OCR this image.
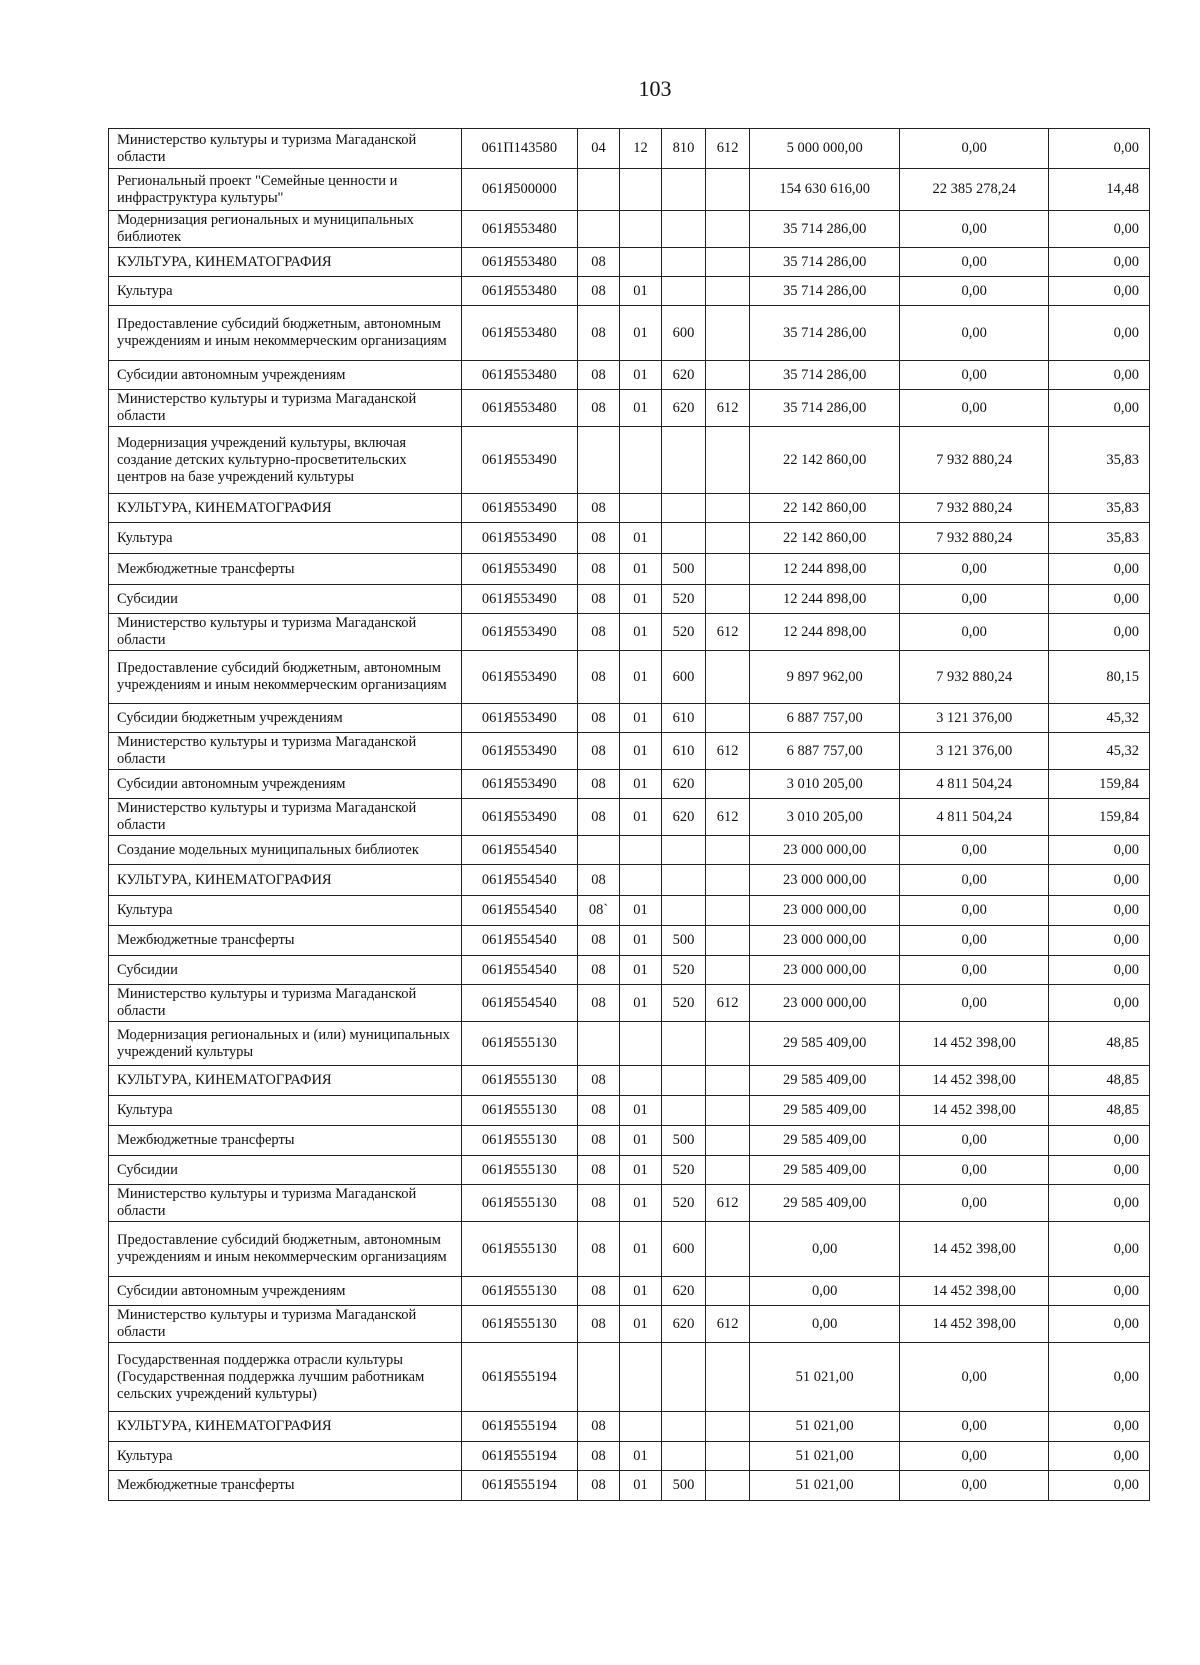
103
Министерство культуры и туризма Магаданской области	061П143580	04	12	810	612	5 000 000,00	0,00	0,00
Региональный проект "Семейные ценности и инфраструктура культуры"	061Я500000					154 630 616,00	22 385 278,24	14,48
Модернизация региональных и муниципальных библиотек	061Я553480					35 714 286,00	0,00	0,00
КУЛЬТУРА, КИНЕМАТОГРАФИЯ	061Я553480	08				35 714 286,00	0,00	0,00
Культура	061Я553480	08	01			35 714 286,00	0,00	0,00
Предоставление субсидий бюджетным, автономным учреждениям и иным некоммерческим организациям	061Я553480	08	01	600		35 714 286,00	0,00	0,00
Субсидии автономным учреждениям	061Я553480	08	01	620		35 714 286,00	0,00	0,00
Министерство культуры и туризма Магаданской области	061Я553480	08	01	620	612	35 714 286,00	0,00	0,00
Модернизация учреждений культуры, включая создание детских культурно-просветительских центров на базе учреждений культуры	061Я553490					22 142 860,00	7 932 880,24	35,83
КУЛЬТУРА, КИНЕМАТОГРАФИЯ	061Я553490	08				22 142 860,00	7 932 880,24	35,83
Культура	061Я553490	08	01			22 142 860,00	7 932 880,24	35,83
Межбюджетные трансферты	061Я553490	08	01	500		12 244 898,00	0,00	0,00
Субсидии	061Я553490	08	01	520		12 244 898,00	0,00	0,00
Министерство культуры и туризма Магаданской области	061Я553490	08	01	520	612	12 244 898,00	0,00	0,00
Предоставление субсидий бюджетным, автономным учреждениям и иным некоммерческим организациям	061Я553490	08	01	600		9 897 962,00	7 932 880,24	80,15
Субсидии бюджетным учреждениям	061Я553490	08	01	610		6 887 757,00	3 121 376,00	45,32
Министерство культуры и туризма Магаданской области	061Я553490	08	01	610	612	6 887 757,00	3 121 376,00	45,32
Субсидии автономным учреждениям	061Я553490	08	01	620		3 010 205,00	4 811 504,24	159,84
Министерство культуры и туризма Магаданской области	061Я553490	08	01	620	612	3 010 205,00	4 811 504,24	159,84
Создание модельных муниципальных библиотек	061Я554540					23 000 000,00	0,00	0,00
КУЛЬТУРА, КИНЕМАТОГРАФИЯ	061Я554540	08				23 000 000,00	0,00	0,00
Культура	061Я554540	08`	01			23 000 000,00	0,00	0,00
Межбюджетные трансферты	061Я554540	08	01	500		23 000 000,00	0,00	0,00
Субсидии	061Я554540	08	01	520		23 000 000,00	0,00	0,00
Министерство культуры и туризма Магаданской области	061Я554540	08	01	520	612	23 000 000,00	0,00	0,00
Модернизация региональных и (или) муниципальных учреждений культуры	061Я555130					29 585 409,00	14 452 398,00	48,85
КУЛЬТУРА, КИНЕМАТОГРАФИЯ	061Я555130	08				29 585 409,00	14 452 398,00	48,85
Культура	061Я555130	08	01			29 585 409,00	14 452 398,00	48,85
Межбюджетные трансферты	061Я555130	08	01	500		29 585 409,00	0,00	0,00
Субсидии	061Я555130	08	01	520		29 585 409,00	0,00	0,00
Министерство культуры и туризма Магаданской области	061Я555130	08	01	520	612	29 585 409,00	0,00	0,00
Предоставление субсидий бюджетным, автономным учреждениям и иным некоммерческим организациям	061Я555130	08	01	600		0,00	14 452 398,00	0,00
Субсидии автономным учреждениям	061Я555130	08	01	620		0,00	14 452 398,00	0,00
Министерство культуры и туризма Магаданской области	061Я555130	08	01	620	612	0,00	14 452 398,00	0,00
Государственная поддержка отрасли культуры (Государственная поддержка лучшим работникам сельских учреждений культуры)	061Я555194					51 021,00	0,00	0,00
КУЛЬТУРА, КИНЕМАТОГРАФИЯ	061Я555194	08				51 021,00	0,00	0,00
Культура	061Я555194	08	01			51 021,00	0,00	0,00
Межбюджетные трансферты	061Я555194	08	01	500		51 021,00	0,00	0,00
